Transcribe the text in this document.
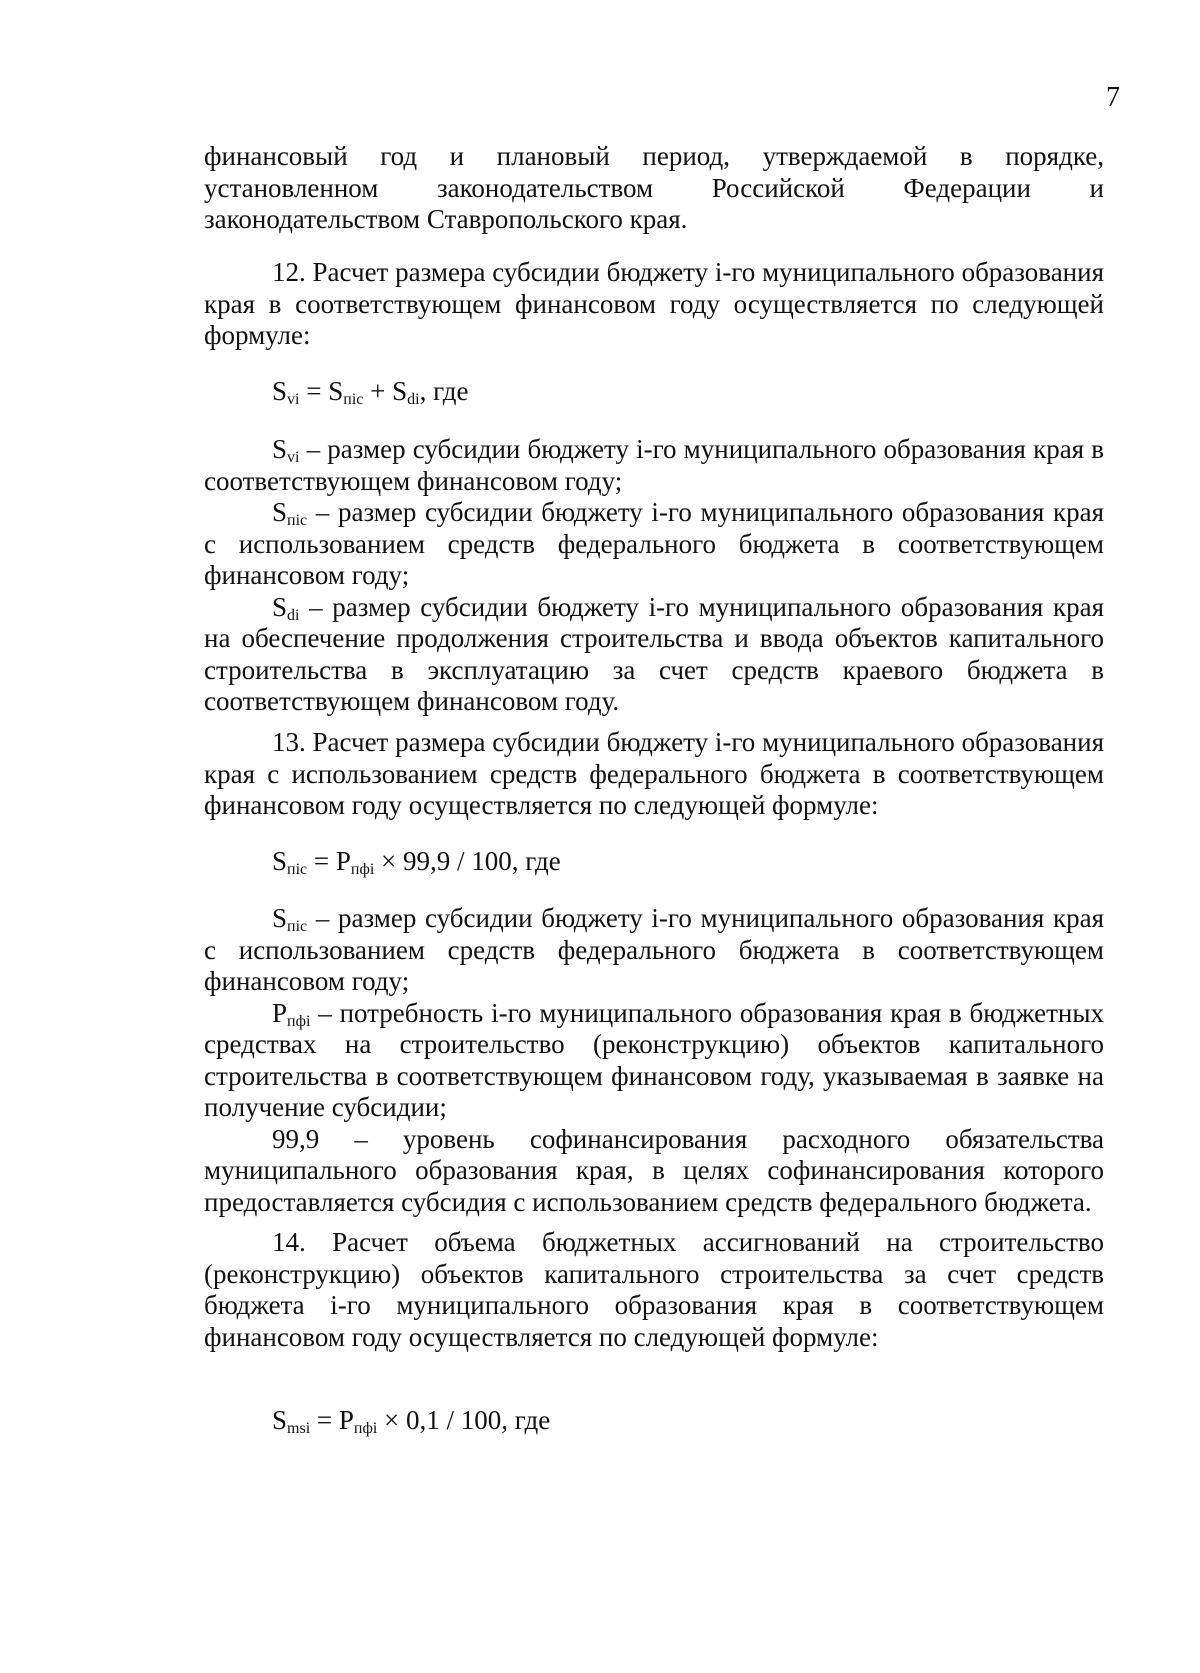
7

финансовый год и плановый период, утверждаемой в порядке, установленном законодательством Российской Федерации и законодательством Ставропольского края.

12. Расчет размера субсидии бюджету i-го муниципального образования края в соответствующем финансовом году осуществляется по следующей формуле:

$S_{vi} = S_{пic} + S_{di}$, где

$S_{vi}$ – размер субсидии бюджету i-го муниципального образования края в соответствующем финансовом году;

$S_{пic}$ – размер субсидии бюджету i-го муниципального образования края с использованием средств федерального бюджета в соответствующем финансовом году;

$S_{di}$ – размер субсидии бюджету i-го муниципального образования края на обеспечение продолжения строительства и ввода объектов капитального строительства в эксплуатацию за счет средств краевого бюджета в соответствующем финансовом году.

13. Расчет размера субсидии бюджету i-го муниципального образования края с использованием средств федерального бюджета в соответствующем финансовом году осуществляется по следующей формуле:

$S_{пic} = P_{пфi} \times 99,9 / 100$, где

$S_{пic}$ – размер субсидии бюджету i-го муниципального образования края с использованием средств федерального бюджета в соответствующем финансовом году;

$P_{пфi}$ – потребность i-го муниципального образования края в бюджетных средствах на строительство (реконструкцию) объектов капитального строительства в соответствующем финансовом году, указываемая в заявке на получение субсидии;

99,9 – уровень софинансирования расходного обязательства муниципального образования края, в целях софинансирования которого предоставляется субсидия с использованием средств федерального бюджета.

14. Расчет объема бюджетных ассигнований на строительство (реконструкцию) объектов капитального строительства за счет средств бюджета i-го муниципального образования края в соответствующем финансовом году осуществляется по следующей формуле:

$S_{msi} = P_{пфi} \times 0,1 / 100$, где
